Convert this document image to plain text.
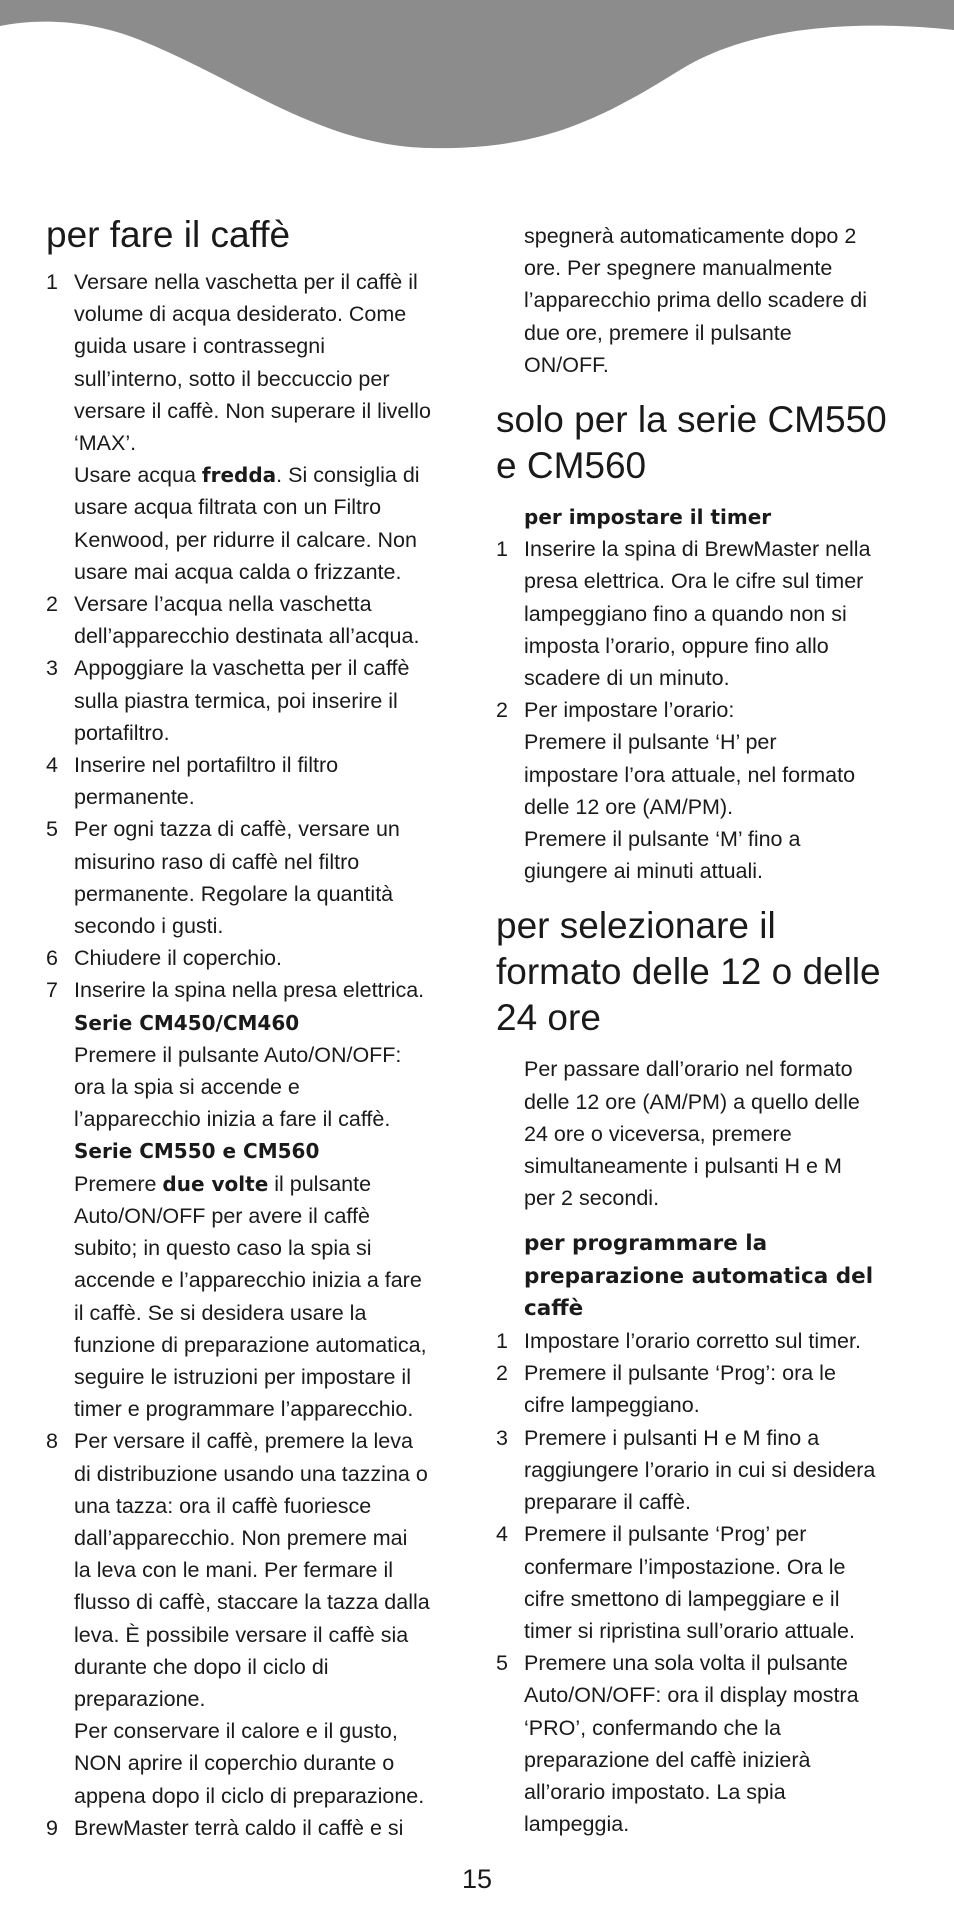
per fare il caffè
1 Versare nella vaschetta per il caffè il
volume di acqua desiderato. Come
guida usare i contrassegni
sull’interno, sotto il beccuccio per
versare il caffè. Non superare il livello
‘MAX’.
Usare acqua fredda. Si consiglia di
usare acqua filtrata con un Filtro
Kenwood, per ridurre il calcare. Non
usare mai acqua calda o frizzante.
2 Versare l’acqua nella vaschetta
dell’apparecchio destinata all’acqua.
3 Appoggiare la vaschetta per il caffè
sulla piastra termica, poi inserire il
portafiltro.
4 Inserire nel portafiltro il filtro
permanente.
5 Per ogni tazza di caffè, versare un
misurino raso di caffè nel filtro
permanente. Regolare la quantità
secondo i gusti.
6 Chiudere il coperchio.
7 Inserire la spina nella presa elettrica.
Serie CM450/CM460
Premere il pulsante Auto/ON/OFF:
ora la spia si accende e
l’apparecchio inizia a fare il caffè.
Serie CM550 e CM560
Premere due volte il pulsante
Auto/ON/OFF per avere il caffè
subito; in questo caso la spia si
accende e l’apparecchio inizia a fare
il caffè. Se si desidera usare la
funzione di preparazione automatica,
seguire le istruzioni per impostare il
timer e programmare l’apparecchio.
8 Per versare il caffè, premere la leva
di distribuzione usando una tazzina o
una tazza: ora il caffè fuoriesce
dall’apparecchio. Non premere mai
la leva con le mani. Per fermare il
flusso di caffè, staccare la tazza dalla
leva. È possibile versare il caffè sia
durante che dopo il ciclo di
preparazione.
Per conservare il calore e il gusto,
NON aprire il coperchio durante o
appena dopo il ciclo di preparazione.
9 BrewMaster terrà caldo il caffè e si
spegnerà automaticamente dopo 2
ore. Per spegnere manualmente
l’apparecchio prima dello scadere di
due ore, premere il pulsante
ON/OFF.
solo per la serie CM550
e CM560
per impostare il timer
1 Inserire la spina di BrewMaster nella
presa elettrica. Ora le cifre sul timer
lampeggiano fino a quando non si
imposta l’orario, oppure fino allo
scadere di un minuto.
2 Per impostare l’orario:
Premere il pulsante ‘H’ per
impostare l’ora attuale, nel formato
delle 12 ore (AM/PM).
Premere il pulsante ‘M’ fino a
giungere ai minuti attuali.
per selezionare il
formato delle 12 o delle
24 ore
Per passare dall’orario nel formato
delle 12 ore (AM/PM) a quello delle
24 ore o viceversa, premere
simultaneamente i pulsanti H e M
per 2 secondi.
per programmare la
preparazione automatica del
caffè
1 Impostare l’orario corretto sul timer.
2 Premere il pulsante ‘Prog’: ora le
cifre lampeggiano.
3 Premere i pulsanti H e M fino a
raggiungere l’orario in cui si desidera
preparare il caffè.
4 Premere il pulsante ‘Prog’ per
confermare l’impostazione. Ora le
cifre smettono di lampeggiare e il
timer si ripristina sull’orario attuale.
5 Premere una sola volta il pulsante
Auto/ON/OFF: ora il display mostra
‘PRO’, confermando che la
preparazione del caffè inizierà
all’orario impostato. La spia
lampeggia.
15
